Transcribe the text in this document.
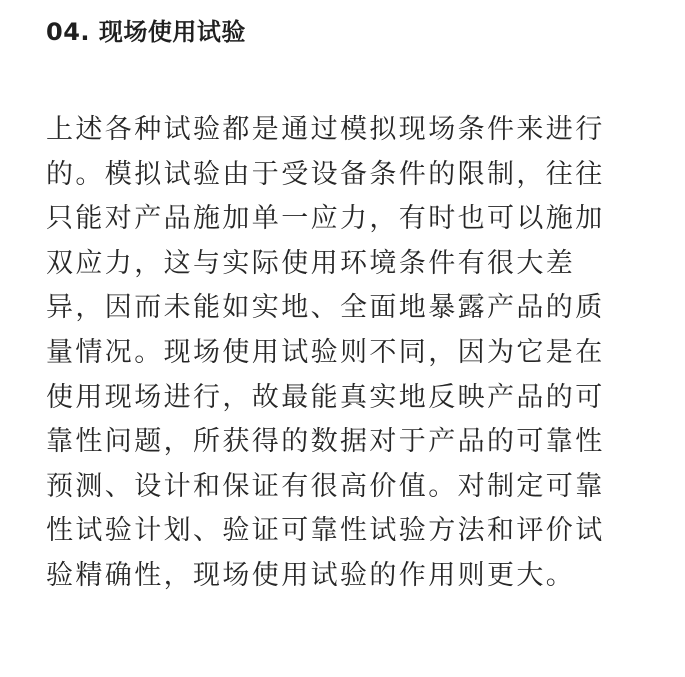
04. 现场使用试验
上述各种试验都是通过模拟现场条件来进行
的。模拟试验由于受设备条件的限制，往往
只能对产品施加单一应力，有时也可以施加
双应力，这与实际使用环境条件有很大差
异，因而未能如实地、全面地暴露产品的质
量情况。现场使用试验则不同，因为它是在
使用现场进行，故最能真实地反映产品的可
靠性问题，所获得的数据对于产品的可靠性
预测、设计和保证有很高价值。对制定可靠
性试验计划、验证可靠性试验方法和评价试
验精确性，现场使用试验的作用则更大。
